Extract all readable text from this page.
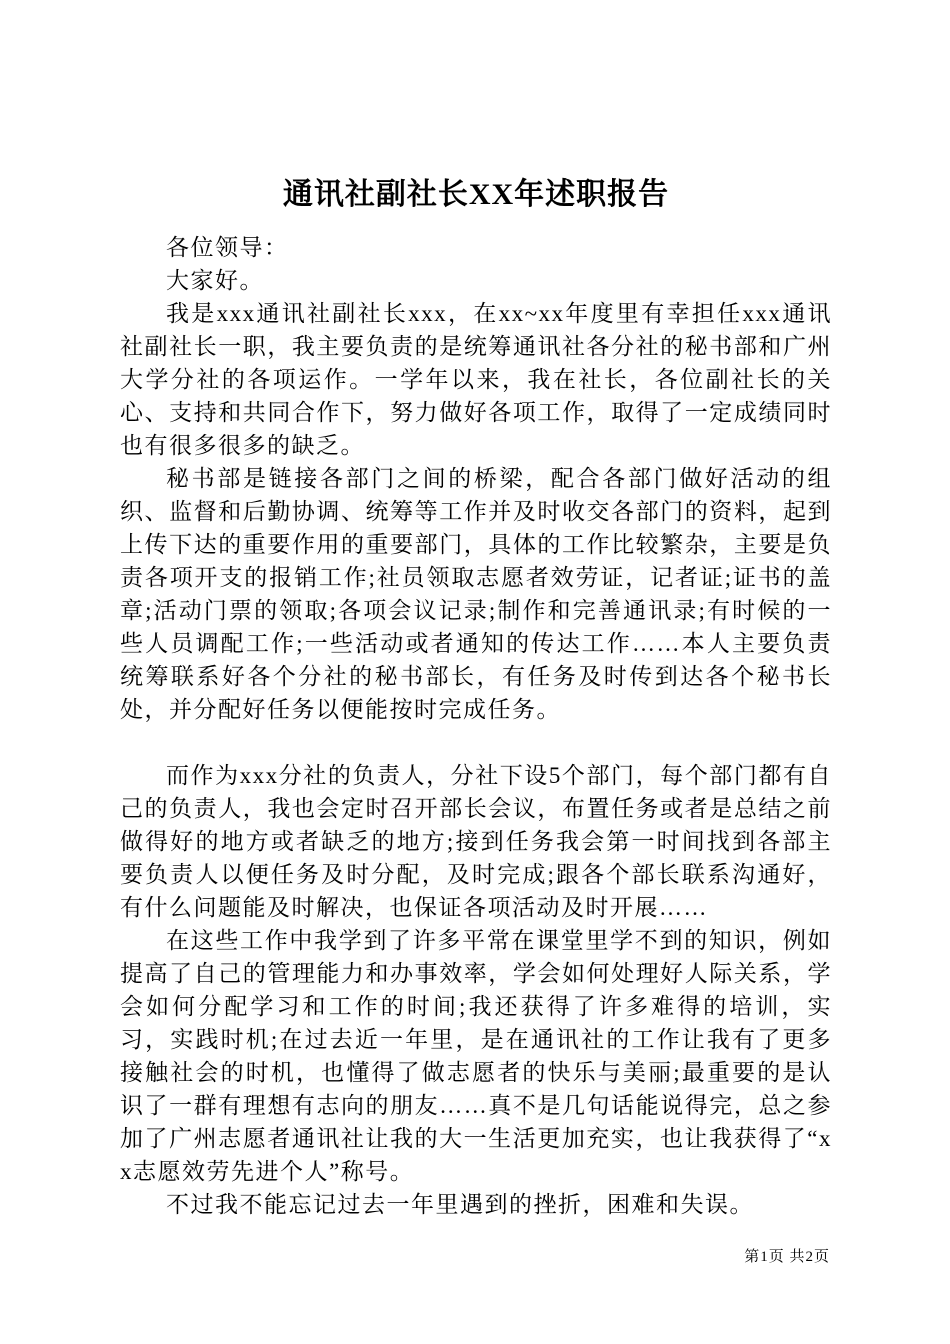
通讯社副社长XX年述职报告

各位领导：

大家好。

我是xxx通讯社副社长xxx，在xx~xx年度里有幸担任xxx通讯社副社长一职，我主要负责的是统筹通讯社各分社的秘书部和广州大学分社的各项运作。一学年以来，我在社长，各位副社长的关心、支持和共同合作下，努力做好各项工作，取得了一定成绩同时也有很多很多的缺乏。

秘书部是链接各部门之间的桥梁，配合各部门做好活动的组织、监督和后勤协调、统筹等工作并及时收交各部门的资料，起到上传下达的重要作用的重要部门，具体的工作比较繁杂，主要是负责各项开支的报销工作;社员领取志愿者效劳证，记者证;证书的盖章;活动门票的领取;各项会议记录;制作和完善通讯录;有时候的一些人员调配工作;一些活动或者通知的传达工作……本人主要负责统筹联系好各个分社的秘书部长，有任务及时传到达各个秘书长处，并分配好任务以便能按时完成任务。

而作为xxx分社的负责人，分社下设5个部门，每个部门都有自己的负责人，我也会定时召开部长会议，布置任务或者是总结之前做得好的地方或者缺乏的地方;接到任务我会第一时间找到各部主要负责人以便任务及时分配，及时完成;跟各个部长联系沟通好，有什么问题能及时解决，也保证各项活动及时开展……

在这些工作中我学到了许多平常在课堂里学不到的知识，例如提高了自己的管理能力和办事效率，学会如何处理好人际关系，学会如何分配学习和工作的时间;我还获得了许多难得的培训，实习，实践时机;在过去近一年里，是在通讯社的工作让我有了更多接触社会的时机，也懂得了做志愿者的快乐与美丽;最重要的是认识了一群有理想有志向的朋友……真不是几句话能说得完，总之参加了广州志愿者通讯社让我的大一生活更加充实，也让我获得了“xx志愿效劳先进个人”称号。

不过我不能忘记过去一年里遇到的挫折，困难和失误。

第1页 共2页
